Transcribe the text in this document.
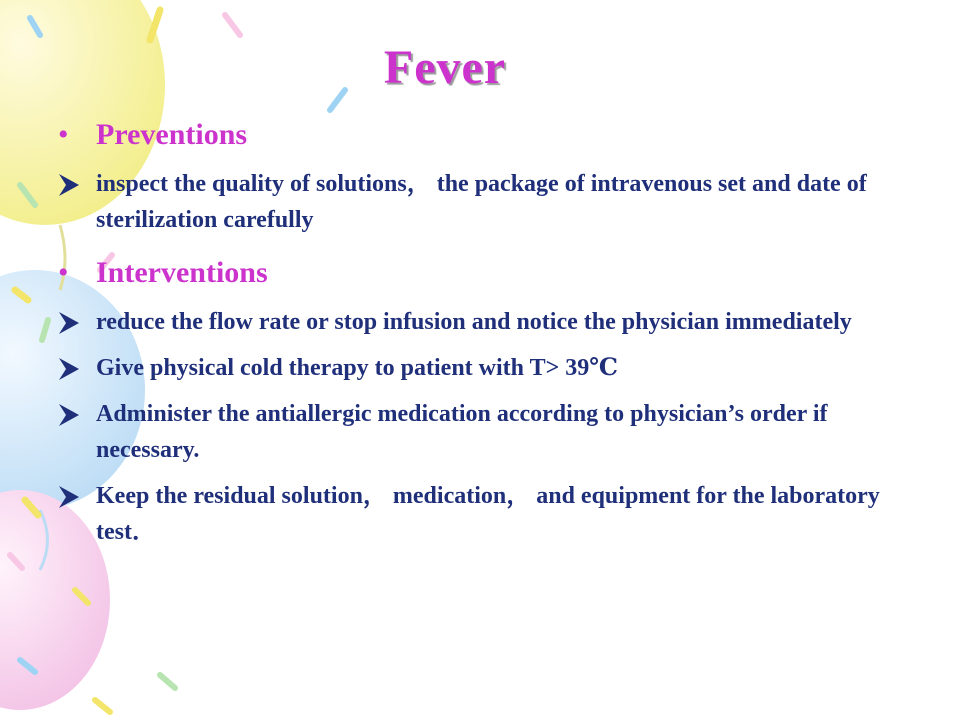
Fever
• Preventions
inspect the quality of solutions， the package of intravenous set and date of sterilization carefully
• Interventions
reduce the flow rate or stop infusion and notice the physician immediately
Give physical cold therapy to patient with T> 39℃
Administer the antiallergic medication according to physician’s order if necessary.
Keep the residual solution， medication， and equipment for the laboratory test．
